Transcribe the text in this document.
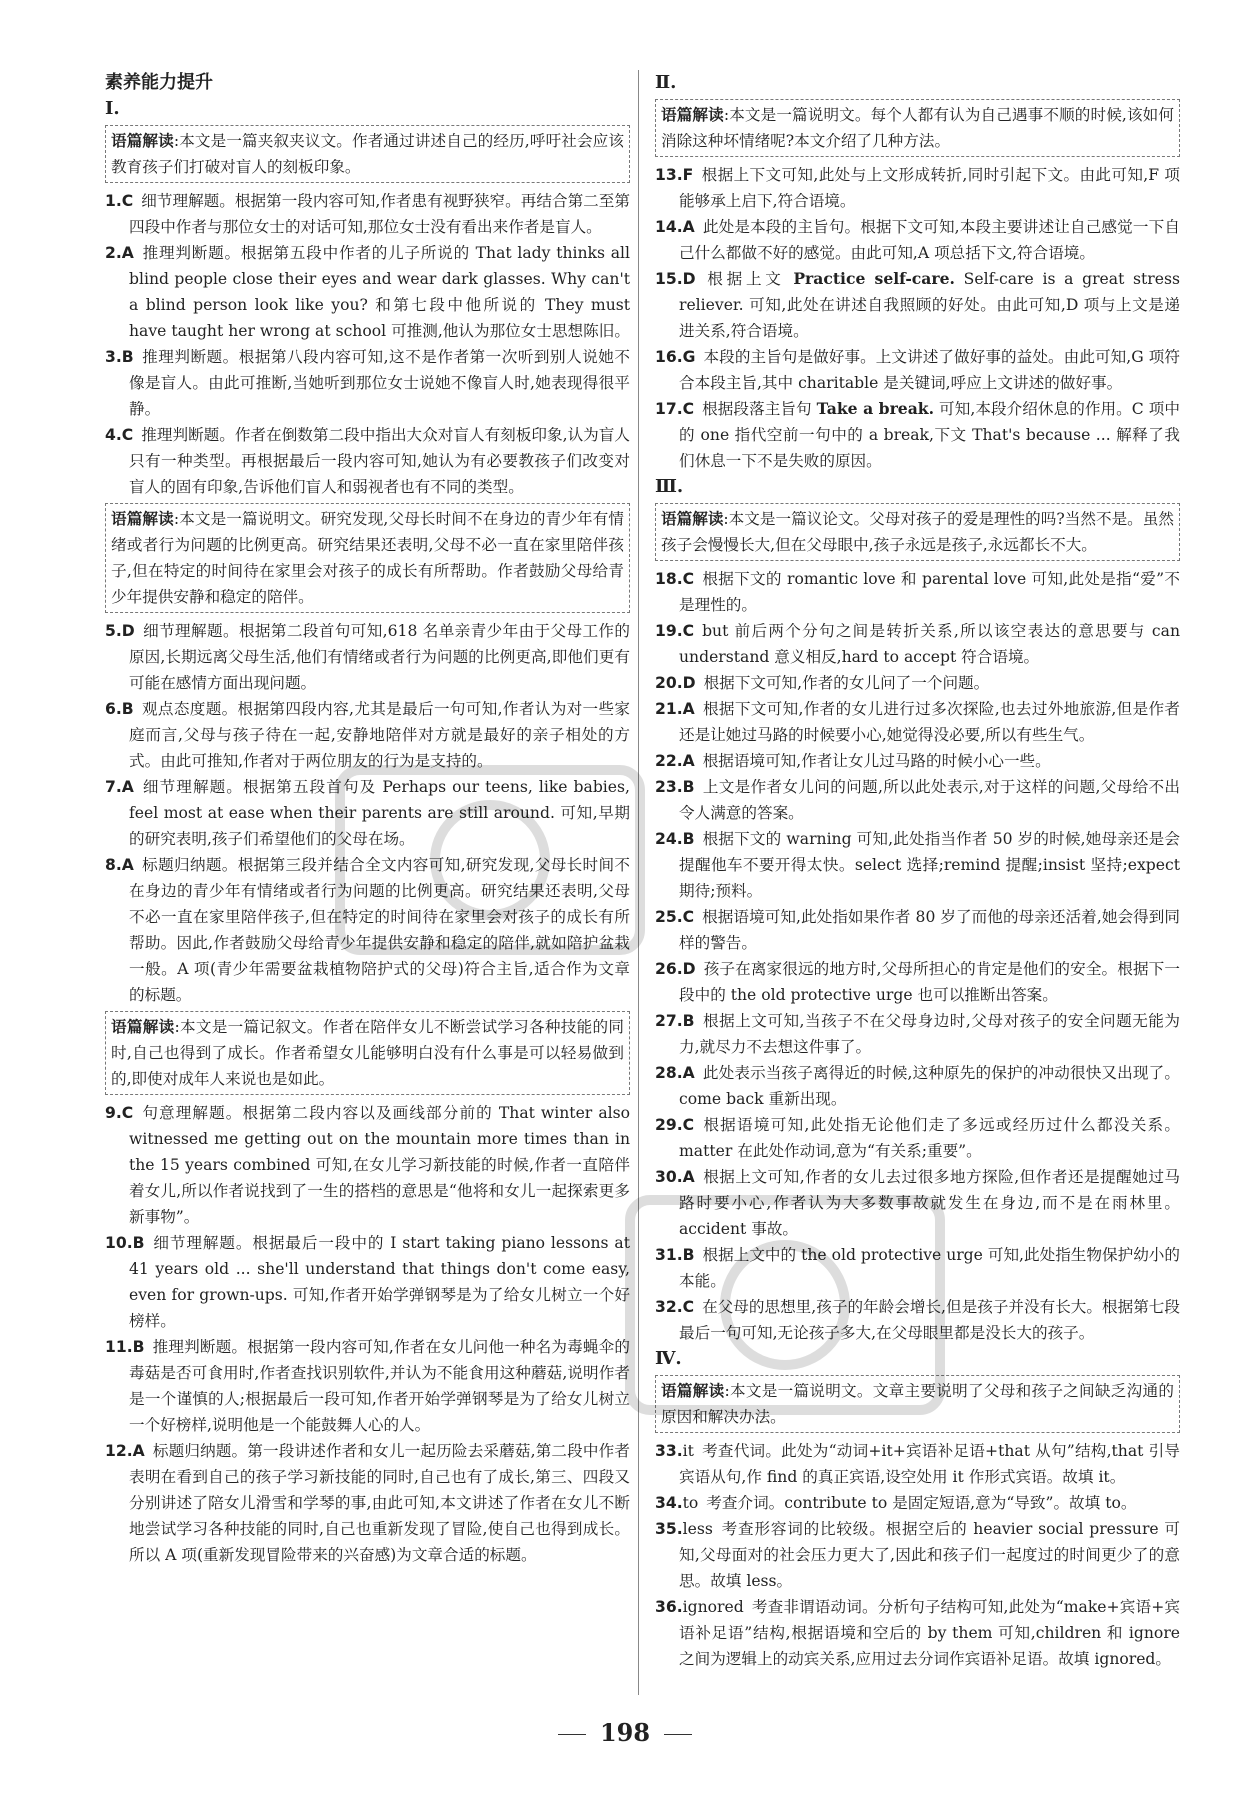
素养能力提升
Ⅰ.
语篇解读:本文是一篇夹叙夹议文。作者通过讲述自己的经历,呼吁社会应该教育孩子们打破对盲人的刻板印象。
1.C 细节理解题。根据第一段内容可知,作者患有视野狭窄。再结合第二至第四段中作者与那位女士的对话可知,那位女士没有看出来作者是盲人。
2.A 推理判断题。根据第五段中作者的儿子所说的 That lady thinks all blind people close their eyes and wear dark glasses. Why can't a blind person look like you? 和第七段中他所说的 They must have taught her wrong at school 可推测,他认为那位女士思想陈旧。
3.B 推理判断题。根据第八段内容可知,这不是作者第一次听到别人说她不像是盲人。由此可推断,当她听到那位女士说她不像盲人时,她表现得很平静。
4.C 推理判断题。作者在倒数第二段中指出大众对盲人有刻板印象,认为盲人只有一种类型。再根据最后一段内容可知,她认为有必要教孩子们改变对盲人的固有印象,告诉他们盲人和弱视者也有不同的类型。
语篇解读:本文是一篇说明文。研究发现,父母长时间不在身边的青少年有情绪或者行为问题的比例更高。研究结果还表明,父母不必一直在家里陪伴孩子,但在特定的时间待在家里会对孩子的成长有所帮助。作者鼓励父母给青少年提供安静和稳定的陪伴。
5.D 细节理解题。根据第二段首句可知,618 名单亲青少年由于父母工作的原因,长期远离父母生活,他们有情绪或者行为问题的比例更高,即他们更有可能在感情方面出现问题。
6.B 观点态度题。根据第四段内容,尤其是最后一句可知,作者认为对一些家庭而言,父母与孩子待在一起,安静地陪伴对方就是最好的亲子相处的方式。由此可推知,作者对于两位朋友的行为是支持的。
7.A 细节理解题。根据第五段首句及 Perhaps our teens, like babies, feel most at ease when their parents are still around. 可知,早期的研究表明,孩子们希望他们的父母在场。
8.A 标题归纳题。根据第三段并结合全文内容可知,研究发现,父母长时间不在身边的青少年有情绪或者行为问题的比例更高。研究结果还表明,父母不必一直在家里陪伴孩子,但在特定的时间待在家里会对孩子的成长有所帮助。因此,作者鼓励父母给青少年提供安静和稳定的陪伴,就如陪护盆栽一般。A 项(青少年需要盆栽植物陪护式的父母)符合主旨,适合作为文章的标题。
语篇解读:本文是一篇记叙文。作者在陪伴女儿不断尝试学习各种技能的同时,自己也得到了成长。作者希望女儿能够明白没有什么事是可以轻易做到的,即使对成年人来说也是如此。
9.C 句意理解题。根据第二段内容以及画线部分前的 That winter also witnessed me getting out on the mountain more times than in the 15 years combined 可知,在女儿学习新技能的时候,作者一直陪伴着女儿,所以作者说找到了一生的搭档的意思是“他将和女儿一起探索更多新事物”。
10.B 细节理解题。根据最后一段中的 I start taking piano lessons at 41 years old ... she'll understand that things don't come easy, even for grown-ups. 可知,作者开始学弹钢琴是为了给女儿树立一个好榜样。
11.B 推理判断题。根据第一段内容可知,作者在女儿问他一种名为毒蝇伞的毒菇是否可食用时,作者查找识别软件,并认为不能食用这种蘑菇,说明作者是一个谨慎的人;根据最后一段可知,作者开始学弹钢琴是为了给女儿树立一个好榜样,说明他是一个能鼓舞人心的人。
12.A 标题归纳题。第一段讲述作者和女儿一起历险去采蘑菇,第二段中作者表明在看到自己的孩子学习新技能的同时,自己也有了成长,第三、四段又分别讲述了陪女儿滑雪和学琴的事,由此可知,本文讲述了作者在女儿不断地尝试学习各种技能的同时,自己也重新发现了冒险,使自己也得到成长。所以 A 项(重新发现冒险带来的兴奋感)为文章合适的标题。
Ⅱ.
语篇解读:本文是一篇说明文。每个人都有认为自己遇事不顺的时候,该如何消除这种坏情绪呢?本文介绍了几种方法。
13.F 根据上下文可知,此处与上文形成转折,同时引起下文。由此可知,F 项能够承上启下,符合语境。
14.A 此处是本段的主旨句。根据下文可知,本段主要讲述让自己感觉一下自己什么都做不好的感觉。由此可知,A 项总括下文,符合语境。
15.D 根据上文 Practice self-care. Self-care is a great stress reliever. 可知,此处在讲述自我照顾的好处。由此可知,D 项与上文是递进关系,符合语境。
16.G 本段的主旨句是做好事。上文讲述了做好事的益处。由此可知,G 项符合本段主旨,其中 charitable 是关键词,呼应上文讲述的做好事。
17.C 根据段落主旨句 Take a break. 可知,本段介绍休息的作用。C 项中的 one 指代空前一句中的 a break,下文 That's because ... 解释了我们休息一下不是失败的原因。
Ⅲ.
语篇解读:本文是一篇议论文。父母对孩子的爱是理性的吗?当然不是。虽然孩子会慢慢长大,但在父母眼中,孩子永远是孩子,永远都长不大。
18.C 根据下文的 romantic love 和 parental love 可知,此处是指“爱”不是理性的。
19.C but 前后两个分句之间是转折关系,所以该空表达的意思要与 can understand 意义相反,hard to accept 符合语境。
20.D 根据下文可知,作者的女儿问了一个问题。
21.A 根据下文可知,作者的女儿进行过多次探险,也去过外地旅游,但是作者还是让她过马路的时候要小心,她觉得没必要,所以有些生气。
22.A 根据语境可知,作者让女儿过马路的时候小心一些。
23.B 上文是作者女儿问的问题,所以此处表示,对于这样的问题,父母给不出令人满意的答案。
24.B 根据下文的 warning 可知,此处指当作者 50 岁的时候,她母亲还是会提醒他车不要开得太快。select 选择;remind 提醒;insist 坚持;expect 期待;预料。
25.C 根据语境可知,此处指如果作者 80 岁了而他的母亲还活着,她会得到同样的警告。
26.D 孩子在离家很远的地方时,父母所担心的肯定是他们的安全。根据下一段中的 the old protective urge 也可以推断出答案。
27.B 根据上文可知,当孩子不在父母身边时,父母对孩子的安全问题无能为力,就尽力不去想这件事了。
28.A 此处表示当孩子离得近的时候,这种原先的保护的冲动很快又出现了。come back 重新出现。
29.C 根据语境可知,此处指无论他们走了多远或经历过什么都没关系。matter 在此处作动词,意为“有关系;重要”。
30.A 根据上文可知,作者的女儿去过很多地方探险,但作者还是提醒她过马路时要小心,作者认为大多数事故就发生在身边,而不是在雨林里。accident 事故。
31.B 根据上文中的 the old protective urge 可知,此处指生物保护幼小的本能。
32.C 在父母的思想里,孩子的年龄会增长,但是孩子并没有长大。根据第七段最后一句可知,无论孩子多大,在父母眼里都是没长大的孩子。
Ⅳ.
语篇解读:本文是一篇说明文。文章主要说明了父母和孩子之间缺乏沟通的原因和解决办法。
33.it 考查代词。此处为“动词+it+宾语补足语+that 从句”结构,that 引导宾语从句,作 find 的真正宾语,设空处用 it 作形式宾语。故填 it。
34.to 考查介词。contribute to 是固定短语,意为“导致”。故填 to。
35.less 考查形容词的比较级。根据空后的 heavier social pressure 可知,父母面对的社会压力更大了,因此和孩子们一起度过的时间更少了的意思。故填 less。
36.ignored 考查非谓语动词。分析句子结构可知,此处为“make+宾语+宾语补足语”结构,根据语境和空后的 by them 可知,children 和 ignore 之间为逻辑上的动宾关系,应用过去分词作宾语补足语。故填 ignored。
198
